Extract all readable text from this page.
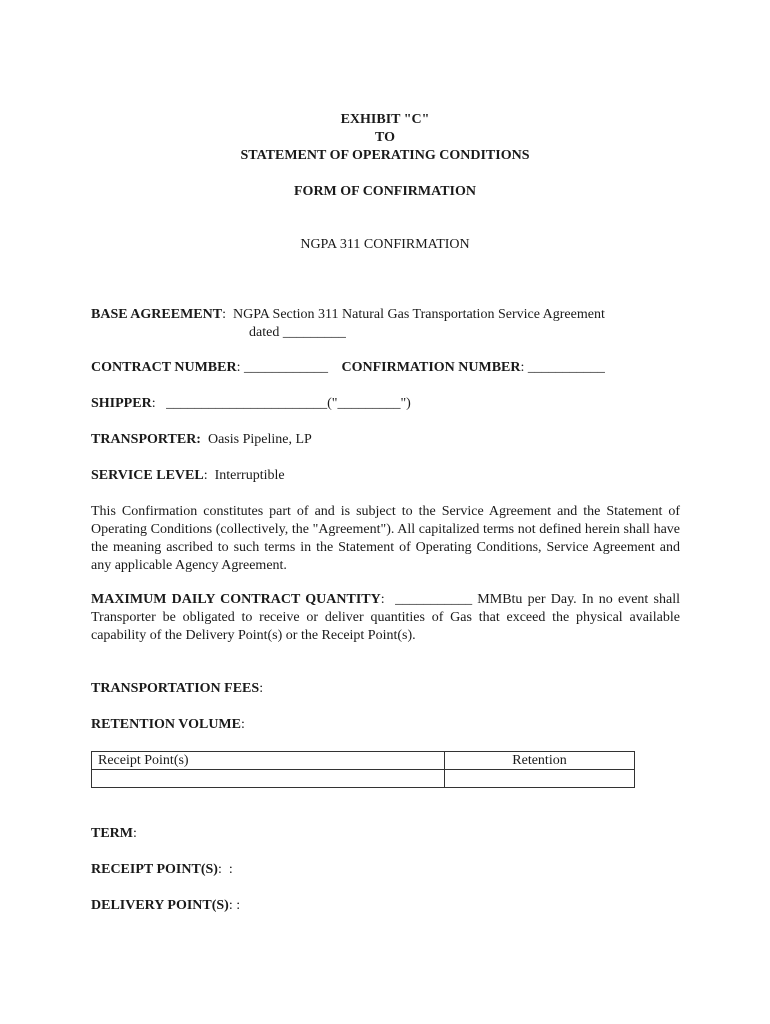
EXHIBIT "C"
TO
STATEMENT OF OPERATING CONDITIONS
FORM OF CONFIRMATION
NGPA 311 CONFIRMATION
BASE AGREEMENT:  NGPA Section 311 Natural Gas Transportation Service Agreement
dated _________
CONTRACT NUMBER: ____________ CONFIRMATION NUMBER: ___________
SHIPPER:   _______________________("_________")
TRANSPORTER: Oasis Pipeline, LP
SERVICE LEVEL:  Interruptible
This Confirmation constitutes part of and is subject to the Service Agreement and the Statement of Operating Conditions (collectively, the "Agreement"). All capitalized terms not defined herein shall have the meaning ascribed to such terms in the Statement of Operating Conditions, Service Agreement and any applicable Agency Agreement.
MAXIMUM DAILY CONTRACT QUANTITY:  ___________ MMBtu per Day. In no event shall Transporter be obligated to receive or deliver quantities of Gas that exceed the physical available capability of the Delivery Point(s) or the Receipt Point(s).
TRANSPORTATION FEES:
RETENTION VOLUME:
Receipt Point(s)	Retention

TERM:
RECEIPT POINT(S):  :
DELIVERY POINT(S): :
